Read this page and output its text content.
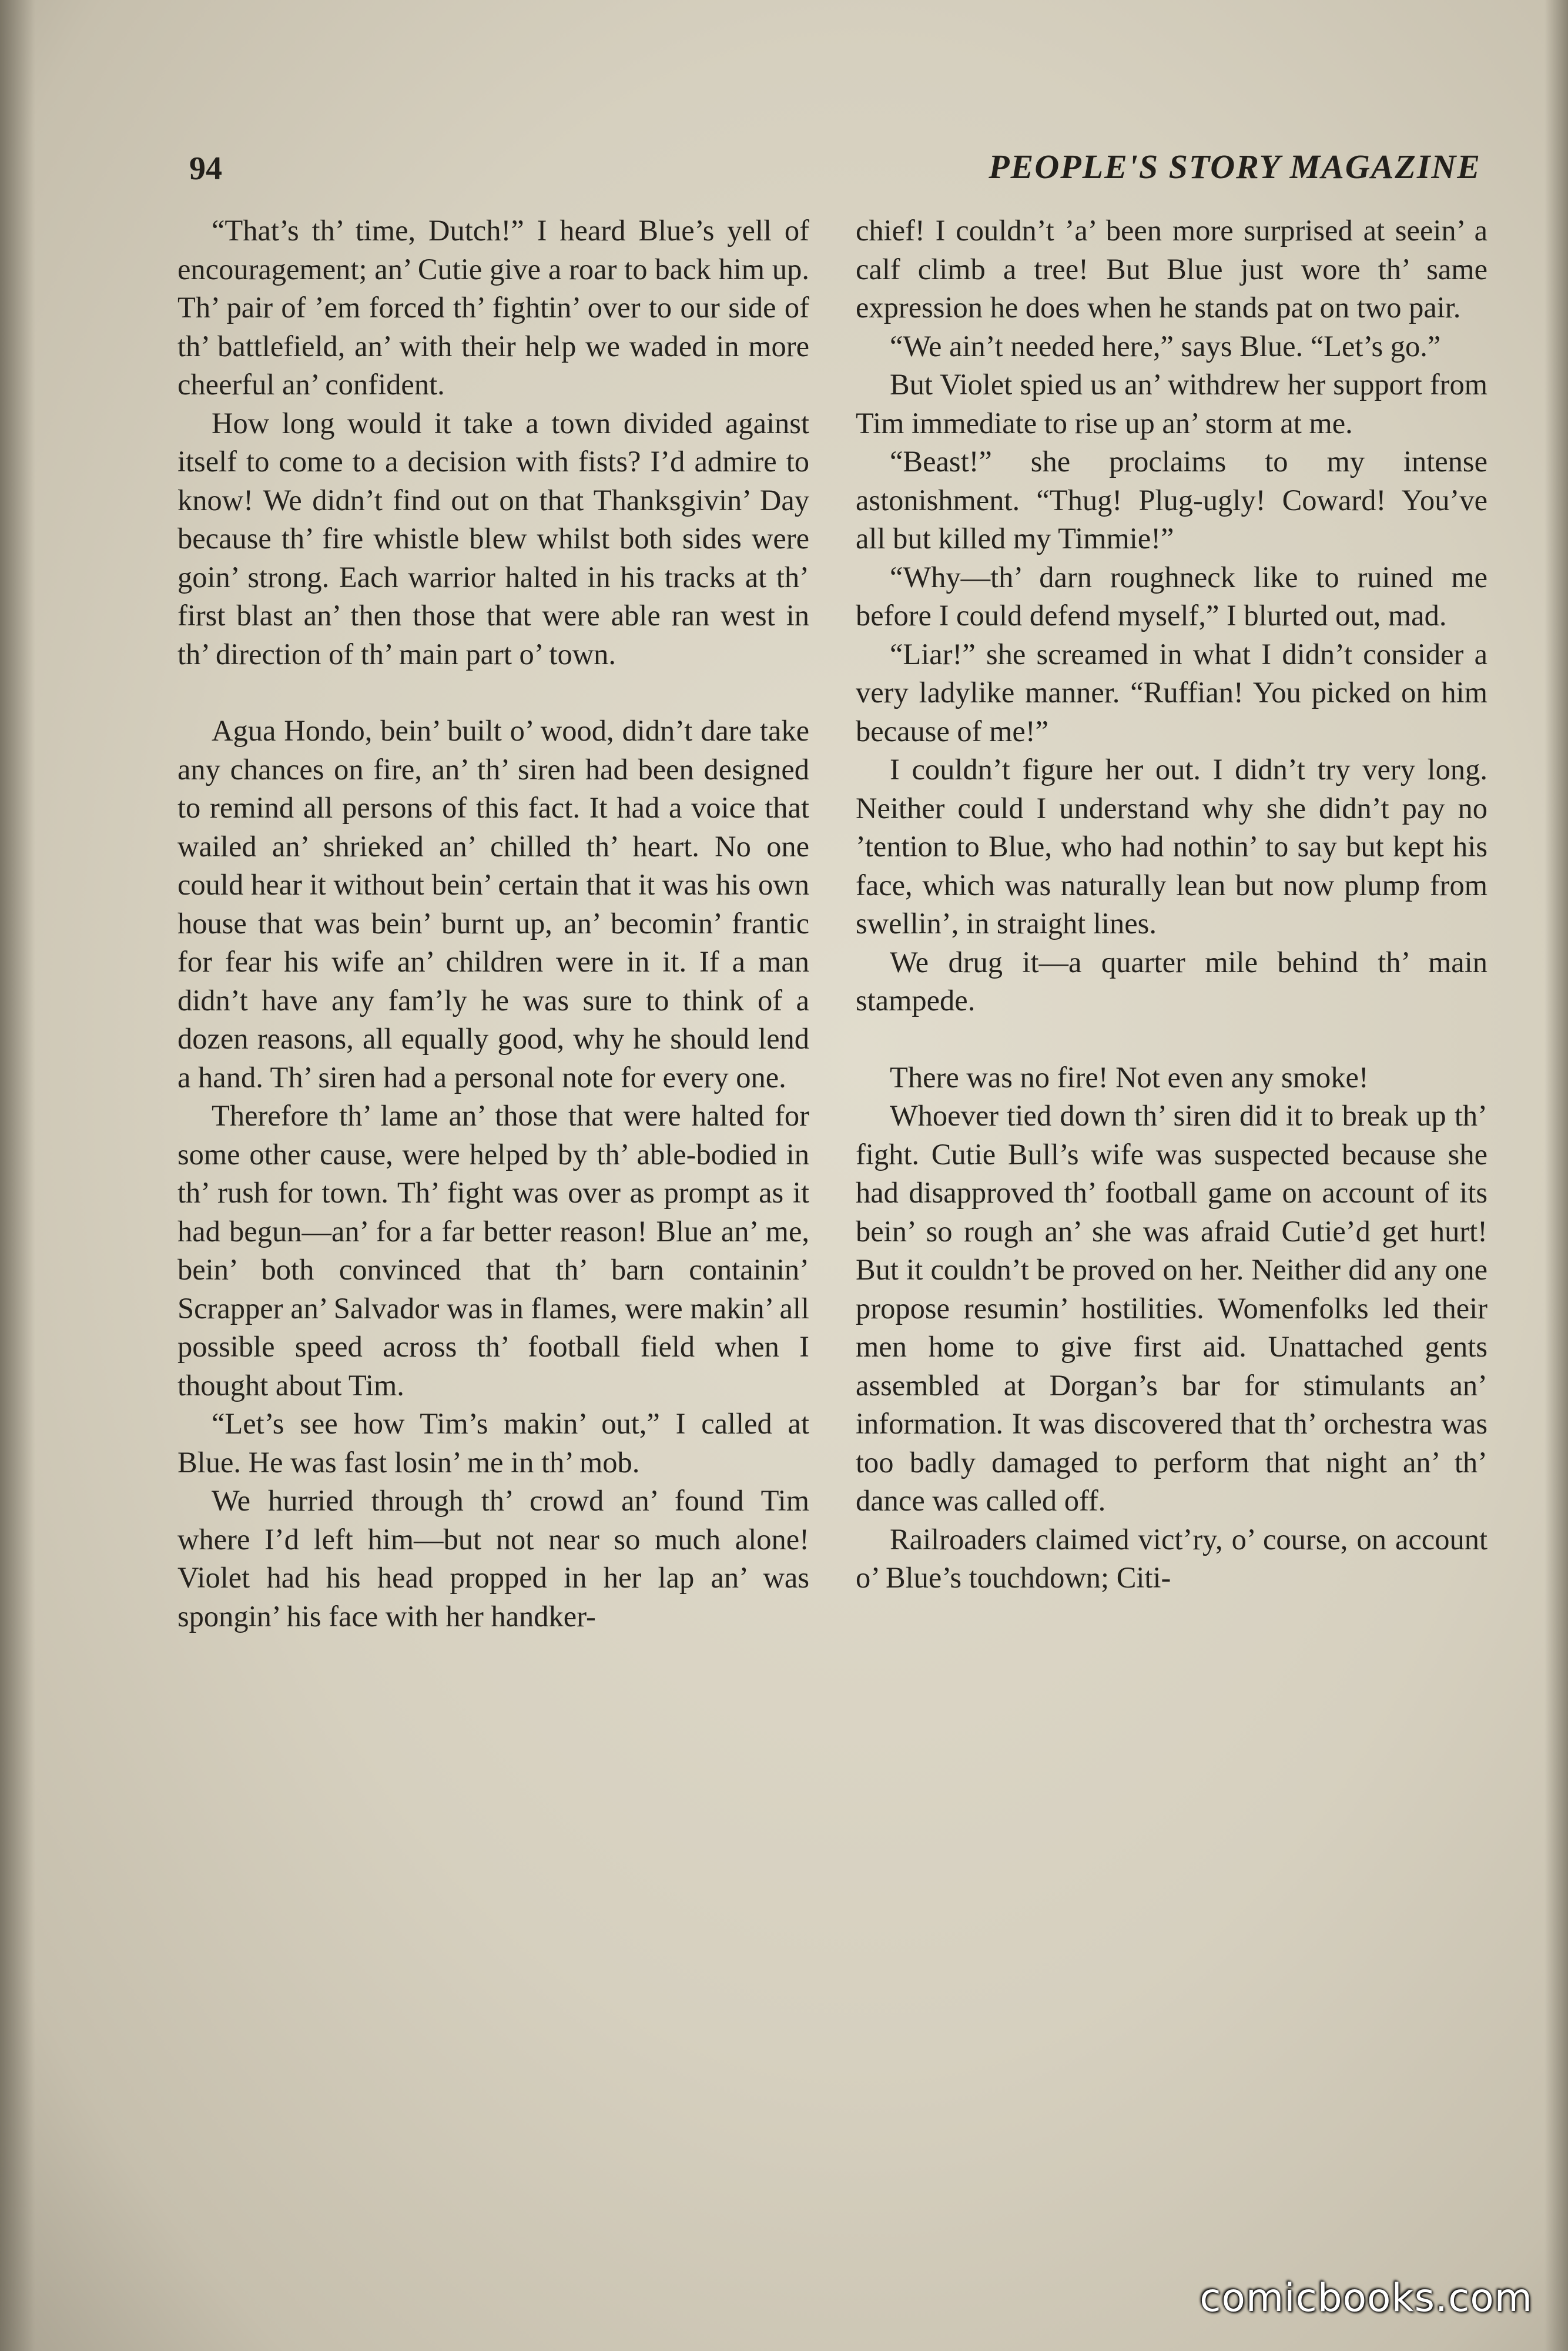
94	PEOPLE'S STORY MAGAZINE

“That’s th’ time, Dutch!” I heard Blue’s yell of encouragement; an’ Cutie give a roar to back him up. Th’ pair of ’em forced th’ fightin’ over to our side of th’ battlefield, an’ with their help we waded in more cheerful an’ confident.

How long would it take a town divided against itself to come to a decision with fists? I’d admire to know! We didn’t find out on that Thanksgivin’ Day because th’ fire whistle blew whilst both sides were goin’ strong. Each warrior halted in his tracks at th’ first blast an’ then those that were able ran west in th’ direction of th’ main part o’ town.

Agua Hondo, bein’ built o’ wood, didn’t dare take any chances on fire, an’ th’ siren had been designed to remind all persons of this fact. It had a voice that wailed an’ shrieked an’ chilled th’ heart. No one could hear it without bein’ certain that it was his own house that was bein’ burnt up, an’ becomin’ frantic for fear his wife an’ children were in it. If a man didn’t have any fam’ly he was sure to think of a dozen reasons, all equally good, why he should lend a hand. Th’ siren had a personal note for every one.

Therefore th’ lame an’ those that were halted for some other cause, were helped by th’ able-bodied in th’ rush for town. Th’ fight was over as prompt as it had begun—an’ for a far better reason! Blue an’ me, bein’ both convinced that th’ barn containin’ Scrapper an’ Salvador was in flames, were makin’ all possible speed across th’ football field when I thought about Tim.

“Let’s see how Tim’s makin’ out,” I called at Blue. He was fast losin’ me in th’ mob.

We hurried through th’ crowd an’ found Tim where I’d left him—but not near so much alone! Violet had his head propped in her lap an’ was spongin’ his face with her handker-

chief! I couldn’t ’a’ been more surprised at seein’ a calf climb a tree! But Blue just wore th’ same expression he does when he stands pat on two pair.

“We ain’t needed here,” says Blue. “Let’s go.”

But Violet spied us an’ withdrew her support from Tim immediate to rise up an’ storm at me.

“Beast!” she proclaims to my intense astonishment. “Thug! Plug-ugly! Coward! You’ve all but killed my Timmie!”

“Why—th’ darn roughneck like to ruined me before I could defend myself,” I blurted out, mad.

“Liar!” she screamed in what I didn’t consider a very ladylike manner. “Ruffian! You picked on him because of me!”

I couldn’t figure her out. I didn’t try very long. Neither could I understand why she didn’t pay no ’tention to Blue, who had nothin’ to say but kept his face, which was naturally lean but now plump from swellin’, in straight lines.

We drug it—a quarter mile behind th’ main stampede.

There was no fire! Not even any smoke!

Whoever tied down th’ siren did it to break up th’ fight. Cutie Bull’s wife was suspected because she had disapproved th’ football game on account of its bein’ so rough an’ she was afraid Cutie’d get hurt! But it couldn’t be proved on her. Neither did any one propose resumin’ hostilities. Womenfolks led their men home to give first aid. Unattached gents assembled at Dorgan’s bar for stimulants an’ information. It was discovered that th’ orchestra was too badly damaged to perform that night an’ th’ dance was called off.

Railroaders claimed vict’ry, o’ course, on account o’ Blue’s touchdown; Citi-

comicbooks.com
